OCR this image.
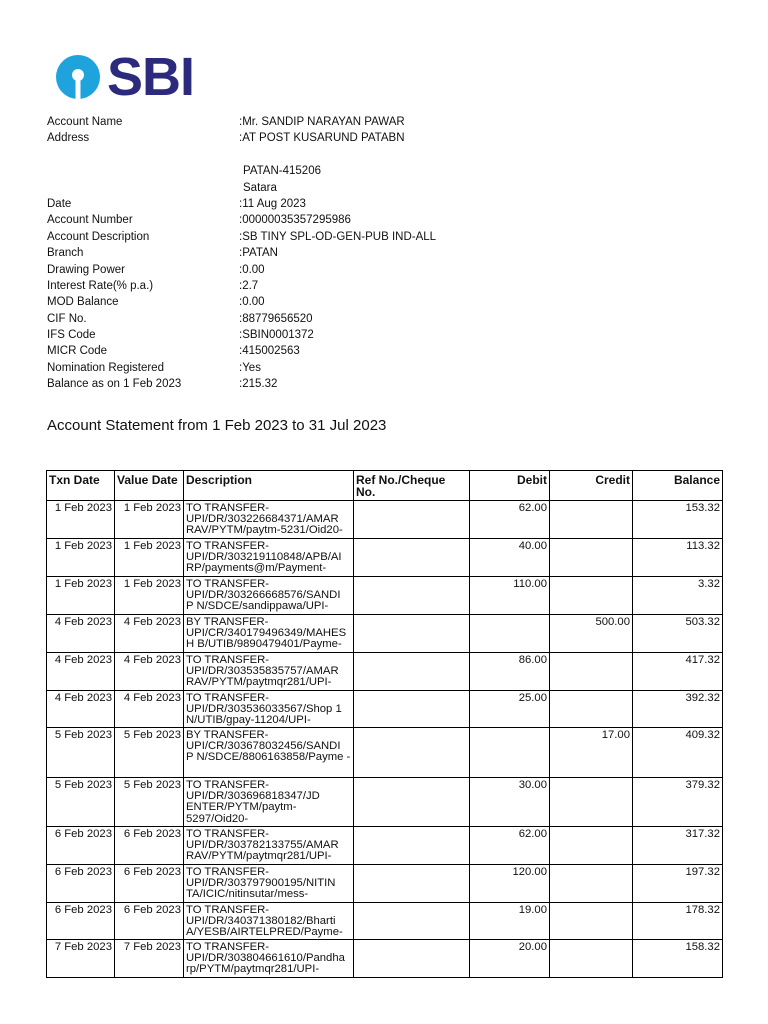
SBI
Account Name	:Mr. SANDIP NARAYAN PAWAR
Address	:AT POST KUSARUND PATABN
PATAN-415206
Satara
Date	:11 Aug 2023
Account Number	:00000035357295986
Account Description	:SB TINY SPL-OD-GEN-PUB IND-ALL
Branch	:PATAN
Drawing Power	:0.00
Interest Rate(% p.a.)	:2.7
MOD Balance	:0.00
CIF No.	:88779656520
IFS Code	:SBIN0001372
MICR Code	:415002563
Nomination Registered	:Yes
Balance as on 1 Feb 2023	:215.32
Account Statement from 1 Feb 2023 to 31 Jul 2023
Txn Date	Value Date	Description	Ref No./Cheque No.	Debit	Credit	Balance
1 Feb 2023	1 Feb 2023	TO TRANSFER-UPI/DR/303226684371/AMAR RAV/PYTM/paytm-5231/Oid20-		62.00		153.32
1 Feb 2023	1 Feb 2023	TO TRANSFER-UPI/DR/303219110848/APB/AI RP/payments@m/Payment-		40.00		113.32
1 Feb 2023	1 Feb 2023	TO TRANSFER-UPI/DR/303266668576/SANDI P N/SDCE/sandippawa/UPI-		110.00		3.32
4 Feb 2023	4 Feb 2023	BY TRANSFER-UPI/CR/340179496349/MAHES H B/UTIB/9890479401/Payme-			500.00	503.32
4 Feb 2023	4 Feb 2023	TO TRANSFER-UPI/DR/303535835757/AMAR RAV/PYTM/paytmqr281/UPI-		86.00		417.32
4 Feb 2023	4 Feb 2023	TO TRANSFER-UPI/DR/303536033567/Shop 1 N/UTIB/gpay-11204/UPI-		25.00		392.32
5 Feb 2023	5 Feb 2023	BY TRANSFER-UPI/CR/303678032456/SANDI P N/SDCE/8806163858/Payme -			17.00	409.32
5 Feb 2023	5 Feb 2023	TO TRANSFER-UPI/DR/303696818347/JD ENTER/PYTM/paytm-5297/Oid20-		30.00		379.32
6 Feb 2023	6 Feb 2023	TO TRANSFER-UPI/DR/303782133755/AMAR RAV/PYTM/paytmqr281/UPI-		62.00		317.32
6 Feb 2023	6 Feb 2023	TO TRANSFER-UPI/DR/303797900195/NITIN TA/ICIC/nitinsutar/mess-		120.00		197.32
6 Feb 2023	6 Feb 2023	TO TRANSFER-UPI/DR/340371380182/Bharti A/YESB/AIRTELPRED/Payme-		19.00		178.32
7 Feb 2023	7 Feb 2023	TO TRANSFER-UPI/DR/303804661610/Pandha rp/PYTM/paytmqr281/UPI-		20.00		158.32
